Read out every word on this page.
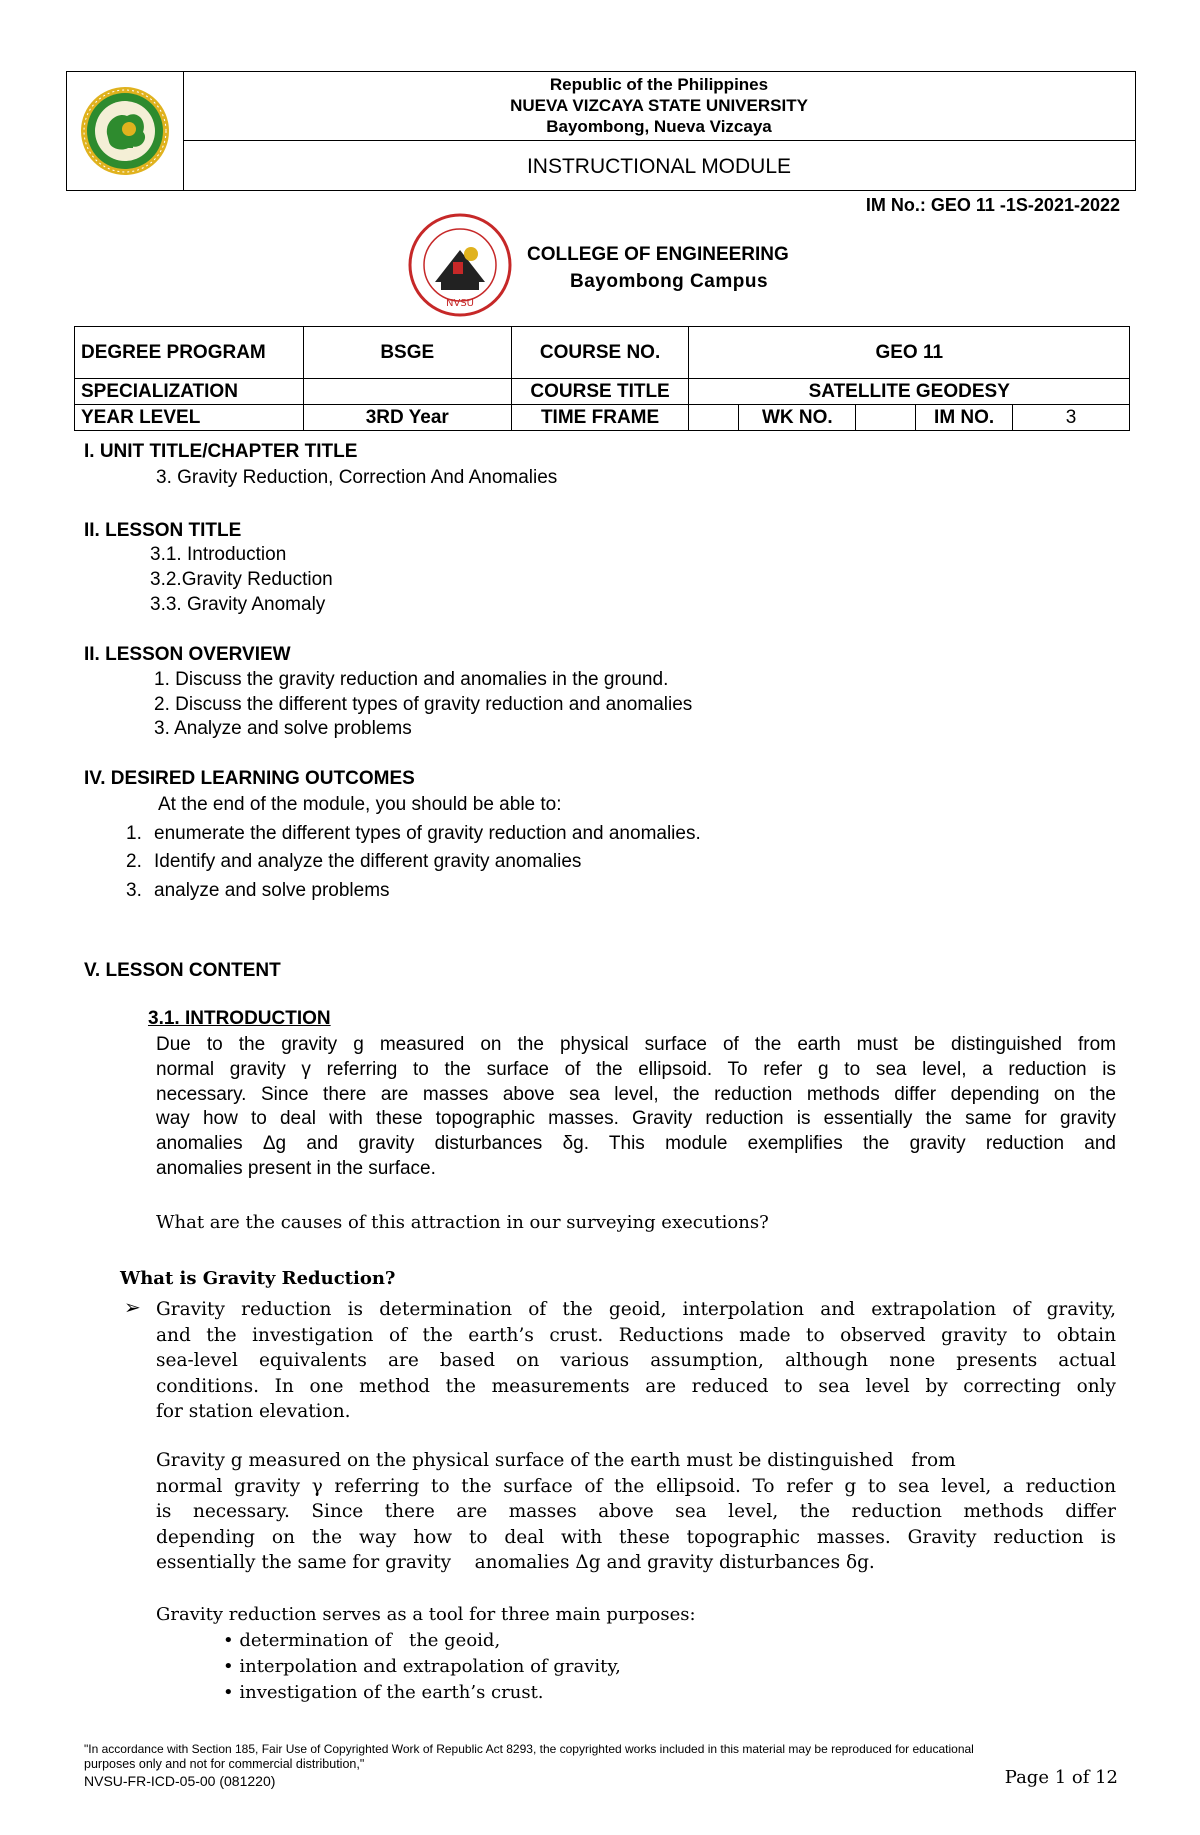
Republic of the Philippines
NUEVA VIZCAYA STATE UNIVERSITY
Bayombong, Nueva Vizcaya
INSTRUCTIONAL MODULE
IM No.: GEO 11 -1S-2021-2022
NVSU
COLLEGE OF ENGINEERING
Bayombong Campus
DEGREE PROGRAM	BSGE	COURSE NO.	GEO 11				
SPECIALIZATION		COURSE TITLE	SATELLITE GEODESY				
YEAR LEVEL	3RD Year	TIME FRAME		WK NO.		IM NO.	3
I. UNIT TITLE/CHAPTER TITLE
3. Gravity Reduction, Correction And Anomalies
II. LESSON TITLE
3.1. Introduction
3.2.Gravity Reduction
3.3. Gravity Anomaly
II. LESSON OVERVIEW
1. Discuss the gravity reduction and anomalies in the ground.
2. Discuss the different types of gravity reduction and anomalies
3. Analyze and solve problems
IV. DESIRED LEARNING OUTCOMES
At the end of the module, you should be able to:
1. enumerate the different types of gravity reduction and anomalies.
2. Identify and analyze the different gravity anomalies
3. analyze and solve problems
V. LESSON CONTENT
3.1. INTRODUCTION
Due to the gravity g measured on the physical surface of the earth must be distinguished from
normal gravity γ referring to the surface of the ellipsoid. To refer g to sea level, a reduction is
necessary. Since there are masses above sea level, the reduction methods differ depending on the
way how to deal with these topographic masses. Gravity reduction is essentially the same for gravity
anomalies Δg and gravity disturbances δg. This module exemplifies the gravity reduction and
anomalies present in the surface.
What are the causes of this attraction in our surveying executions?
What is Gravity Reduction?
➢ Gravity reduction is determination of the geoid, interpolation and extrapolation of gravity,
and the investigation of the earth’s crust. Reductions made to observed gravity to obtain
sea-level equivalents are based on various assumption, although none presents actual
conditions. In one method the measurements are reduced to sea level by correcting only
for station elevation.
Gravity g measured on the physical surface of the earth must be distinguished   from
normal gravity γ referring to the surface of the ellipsoid. To refer g to sea level, a reduction
is necessary. Since there are masses above sea level, the reduction methods differ
depending on the way how to deal with these topographic masses. Gravity reduction is
essentially the same for gravity    anomalies Δg and gravity disturbances δg.
Gravity reduction serves as a tool for three main purposes:
• determination of   the geoid,
• interpolation and extrapolation of gravity,
• investigation of the earth’s crust.
"In accordance with Section 185, Fair Use of Copyrighted Work of Republic Act 8293, the copyrighted works included in this material may be reproduced for educational
purposes only and not for commercial distribution,"
NVSU-FR-ICD-05-00 (081220)	Page 1 of 12
